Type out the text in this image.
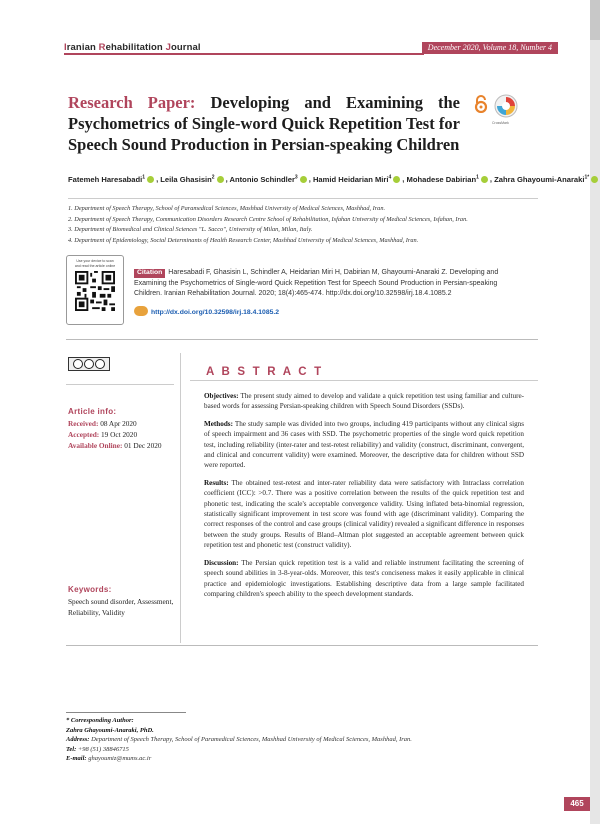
Iranian Rehabilitation Journal	December 2020, Volume 18, Number 4
Research Paper: Developing and Examining the Psychometrics of Single-word Quick Repetition Test for Speech Sound Production in Persian-speaking Children
CrossMark
Fatemeh Haresabadi$^1$ , Leila Ghasisin$^2$ , Antonio Schindler$^3$ , Hamid Heidarian Miri$^4$ , Mohadese Dabirian$^1$ , Zahra Ghayoumi-Anaraki$^{1*}$
1. Department of Speech Therapy, School of Paramedical Sciences, Mashhad University of Medical Sciences, Mashhad, Iran.
2. Department of Speech Therapy, Communication Disorders Research Centre School of Rehabilitation, Isfahan University of Medical Sciences, Isfahan, Iran.
3. Department of Biomedical and Clinical Sciences "L. Sacco", University of Milan, Milan, Italy.
4. Department of Epidemiology, Social Determinants of Health Research Center, Mashhad University of Medical Sciences, Mashhad, Iran.
Use your device to scan
and read the article online
Citation Haresabadi F, Ghasisin L, Schindler A, Heidarian Miri H, Dabirian M, Ghayoumi-Anaraki Z. Developing and Examining the Psychometrics of Single-word Quick Repetition Test for Speech Sound Production in Persian-speaking Children. Iranian Rehabilitation Journal. 2020; 18(4):465-474. http://dx.doi.org/10.32598/irj.18.4.1085.2
http://dx.doi.org/10.32598/irj.18.4.1085.2
Article info:
Received: 08 Apr 2020
Accepted: 19 Oct 2020
Available Online: 01 Dec 2020
Keywords:
Speech sound disorder, Assessment, Reliability, Validity
A B S T R A C T

Objectives: The present study aimed to develop and validate a quick repetition test using familiar and culture-based words for assessing Persian-speaking children with Speech Sound Disorders (SSDs).

Methods: The study sample was divided into two groups, including 419 participants without any clinical signs of speech impairment and 36 cases with SSD. The psychometric properties of the single word quick repetition test, including reliability (inter-rater and test-retest reliability) and validity (construct, discriminant, convergent, and clinical and concurrent validity) were examined. Moreover, the descriptive data for children without SSD were reported.

Results: The obtained test-retest and inter-rater reliability data were satisfactory with Intraclass correlation coefficient (ICC): >0.7. There was a positive correlation between the results of the quick repetition test and phonetic test, indicating the scale's acceptable convergence validity. Using inflated beta-binomial regression, statistically significant improvement in test score was found with age (discriminant validity). Comparing the correct responses of the control and case groups (clinical validity) revealed a significant difference in responses between the study groups. Results of Bland–Altman plot suggested an acceptable agreement between quick repetition test and phonetic test (construct validity).

Discussion: The Persian quick repetition test is a valid and reliable instrument facilitating the screening of speech sound abilities in 3-8-year-olds. Moreover, this test's conciseness makes it easily applicable in clinical practice and epidemiologic investigations. Establishing descriptive data from a large sample facilitated comparing children's speech ability to the speech development standards.

* Corresponding Author:
Zahra Ghayoumi-Anaraki, PhD.
Address: Department of Speech Therapy, School of Paramedical Sciences, Mashhad University of Medical Sciences, Mashhad, Iran.
Tel: +98 (51) 38846715
E-mail: ghayoumiz@mums.ac.ir
465
